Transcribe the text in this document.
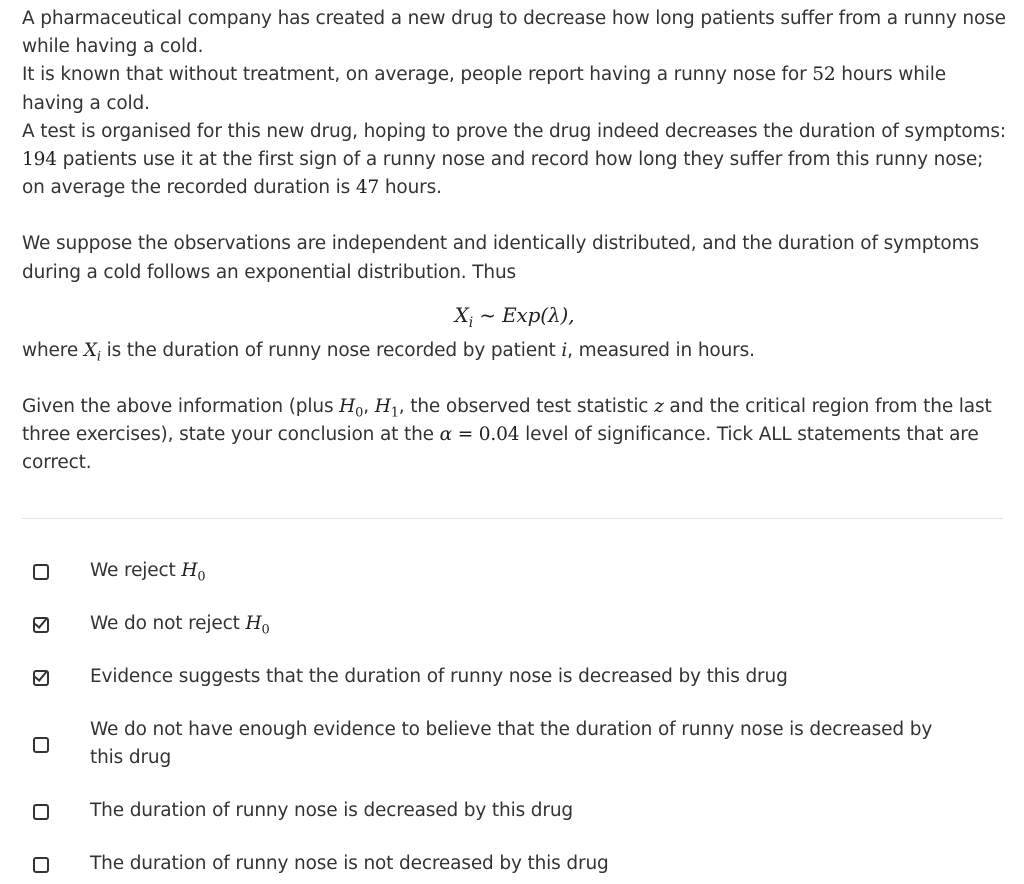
A pharmaceutical company has created a new drug to decrease how long patients suffer from a runny nose while having a cold.

It is known that without treatment, on average, people report having a runny nose for 52 hours while having a cold.

A test is organised for this new drug, hoping to prove the drug indeed decreases the duration of symptoms: 194 patients use it at the first sign of a runny nose and record how long they suffer from this runny nose; on average the recorded duration is 47 hours.

We suppose the observations are independent and identically distributed, and the duration of symptoms during a cold follows an exponential distribution. Thus

$X_i$ ~ Exp(λ),

where $X_i$ is the duration of runny nose recorded by patient i, measured in hours.

Given the above information (plus $H_0$, $H_1$, the observed test statistic z and the critical region from the last three exercises), state your conclusion at the α = 0.04 level of significance. Tick ALL statements that are correct.

We reject $H_0$
We do not reject $H_0$
Evidence suggests that the duration of runny nose is decreased by this drug
We do not have enough evidence to believe that the duration of runny nose is decreased by this drug
The duration of runny nose is decreased by this drug
The duration of runny nose is not decreased by this drug
